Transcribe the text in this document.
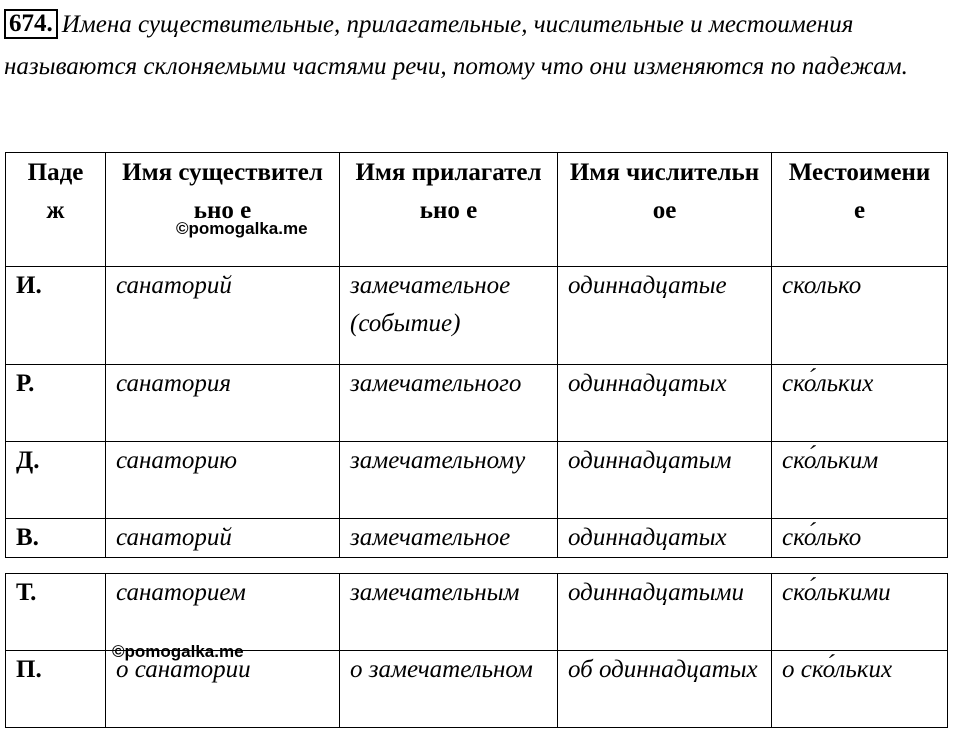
674. Имена существительные, прилагательные, числительные и местоимения называются склоняемыми частями речи, потому что они изменяются по падежам.
Паде ж	Имя существительно е	Имя прилагательно е	Имя числительное	Местоимени е
И.	санаторий	замечательное (событие)	одиннадцатые	сколько
Р.	санатория	замечательного	одиннадцатых	ско́льких
Д.	санаторию	замечательному	одиннадцатым	ско́льким
В.	санаторий	замечательное	одиннадцатых	ско́лько
Т.	санаторием	замечательным	одиннадцатыми	ско́лькими
П.	о санатории	о замечательном	об одиннадцатых	о ско́льких
©pomogalka.me
©pomogalka.me
